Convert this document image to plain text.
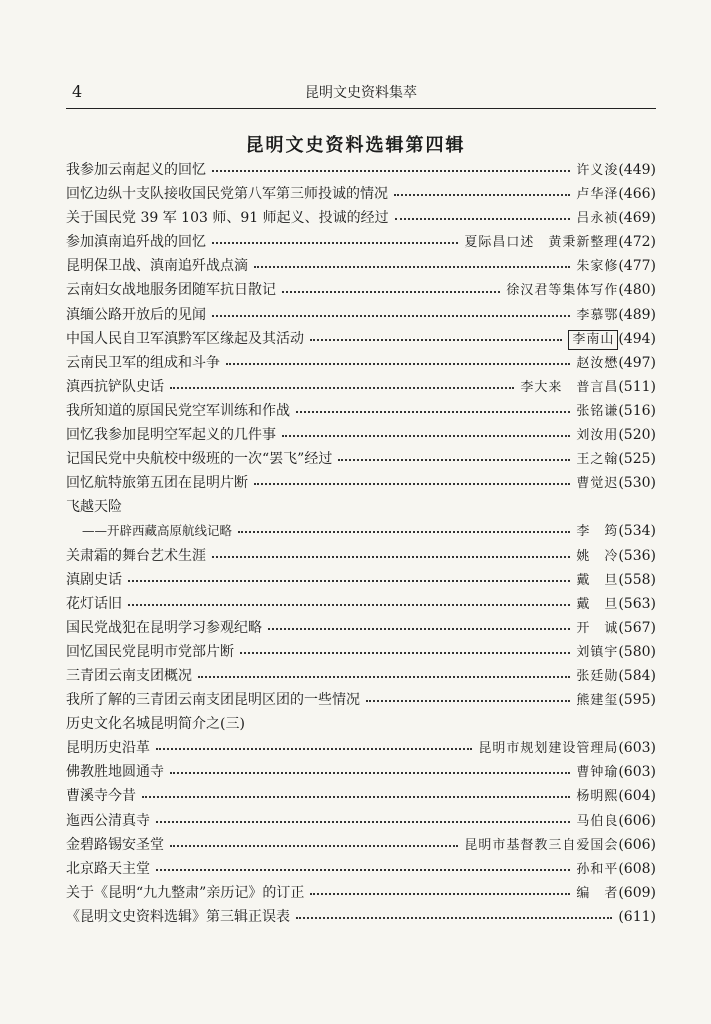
4	昆明文史资料集萃
昆明文史资料选辑第四辑
我参加云南起义的回忆	许义浚 (449)
回忆边纵十支队接收国民党第八军第三师投诚的情况	卢华泽 (466)
关于国民党 39 军 103 师、91 师起义、投诚的经过	吕永祯 (469)
参加滇南追歼战的回忆	夏际昌口述　黄秉新整理 (472)
昆明保卫战、滇南追歼战点滴	朱家修 (477)
云南妇女战地服务团随军抗日散记	徐汉君等集体写作 (480)
滇缅公路开放后的见闻	李慕鄂 (489)
中国人民自卫军滇黔军区缘起及其活动	李南山 (494)
云南民卫军的组成和斗争	赵汝懋 (497)
滇西抗铲队史话	李大来　普言昌 (511)
我所知道的原国民党空军训练和作战	张铭谦 (516)
回忆我参加昆明空军起义的几件事	刘汝用 (520)
记国民党中央航校中级班的一次“罢飞”经过	王之翰 (525)
回忆航特旅第五团在昆明片断	曹觉迟 (530)
飞越天险
——开辟西藏高原航线记略	李　筠 (534)
关肃霜的舞台艺术生涯	姚　冷 (536)
滇剧史话	戴　旦 (558)
花灯话旧	戴　旦 (563)
国民党战犯在昆明学习参观纪略	开　诚 (567)
回忆国民党昆明市党部片断	刘镇宇 (580)
三青团云南支团概况	张廷勋 (584)
我所了解的三青团云南支团昆明区团的一些情况	熊建玺 (595)
历史文化名城昆明简介之(三)
昆明历史沿革	昆明市规划建设管理局 (603)
佛教胜地圆通寺	曹钟瑜 (603)
曹溪寺今昔	杨明熙 (604)
迤西公清真寺	马伯良 (606)
金碧路锡安圣堂	昆明市基督教三自爱国会 (606)
北京路天主堂	孙和平 (608)
关于《昆明“九九整肃”亲历记》的订正	编　者 (609)
《昆明文史资料选辑》第三辑正误表	(611)
